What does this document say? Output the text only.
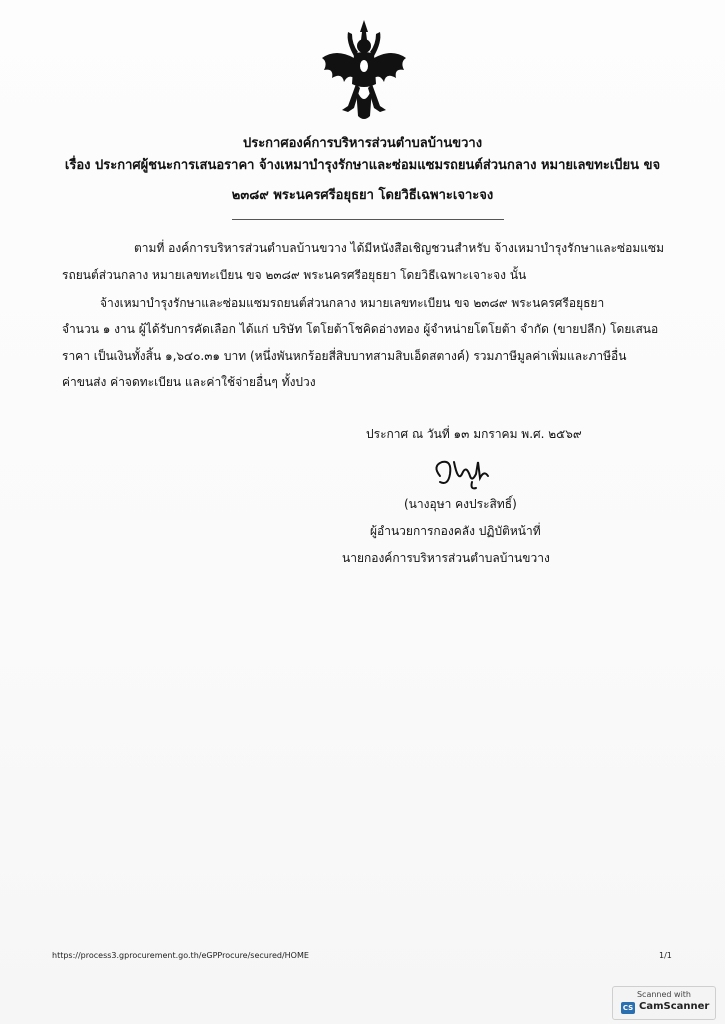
ประกาศองค์การบริหารส่วนตำบลบ้านขวาง
เรื่อง ประกาศผู้ชนะการเสนอราคา จ้างเหมาบำรุงรักษาและซ่อมแซมรถยนต์ส่วนกลาง หมายเลขทะเบียน ขจ
๒๓๘๙ พระนครศรีอยุธยา โดยวิธีเฉพาะเจาะจง
ตามที่ องค์การบริหารส่วนตำบลบ้านขวาง ได้มีหนังสือเชิญชวนสำหรับ จ้างเหมาบำรุงรักษาและซ่อมแซม
รถยนต์ส่วนกลาง หมายเลขทะเบียน ขจ ๒๓๘๙ พระนครศรีอยุธยา โดยวิธีเฉพาะเจาะจง นั้น
จ้างเหมาบำรุงรักษาและซ่อมแซมรถยนต์ส่วนกลาง หมายเลขทะเบียน ขจ ๒๓๘๙ พระนครศรีอยุธยา
จำนวน ๑ งาน ผู้ได้รับการคัดเลือก ได้แก่ บริษัท โตโยต้าโชคิดอ่างทอง ผู้จำหน่ายโตโยต้า จำกัด (ขายปลีก) โดยเสนอ
ราคา เป็นเงินทั้งสิ้น ๑,๖๔๐.๓๑ บาท (หนึ่งพันหกร้อยสี่สิบบาทสามสิบเอ็ดสตางค์) รวมภาษีมูลค่าเพิ่มและภาษีอื่น
ค่าขนส่ง ค่าจดทะเบียน และค่าใช้จ่ายอื่นๆ ทั้งปวง
ประกาศ ณ วันที่ ๑๓ มกราคม พ.ศ. ๒๕๖๙
(นางอุษา คงประสิทธิ์)
ผู้อำนวยการกองคลัง ปฏิบัติหน้าที่
นายกองค์การบริหารส่วนตำบลบ้านขวาง
https://process3.gprocurement.go.th/eGPProcure/secured/HOME	1/1
Scanned with
CS CamScanner
